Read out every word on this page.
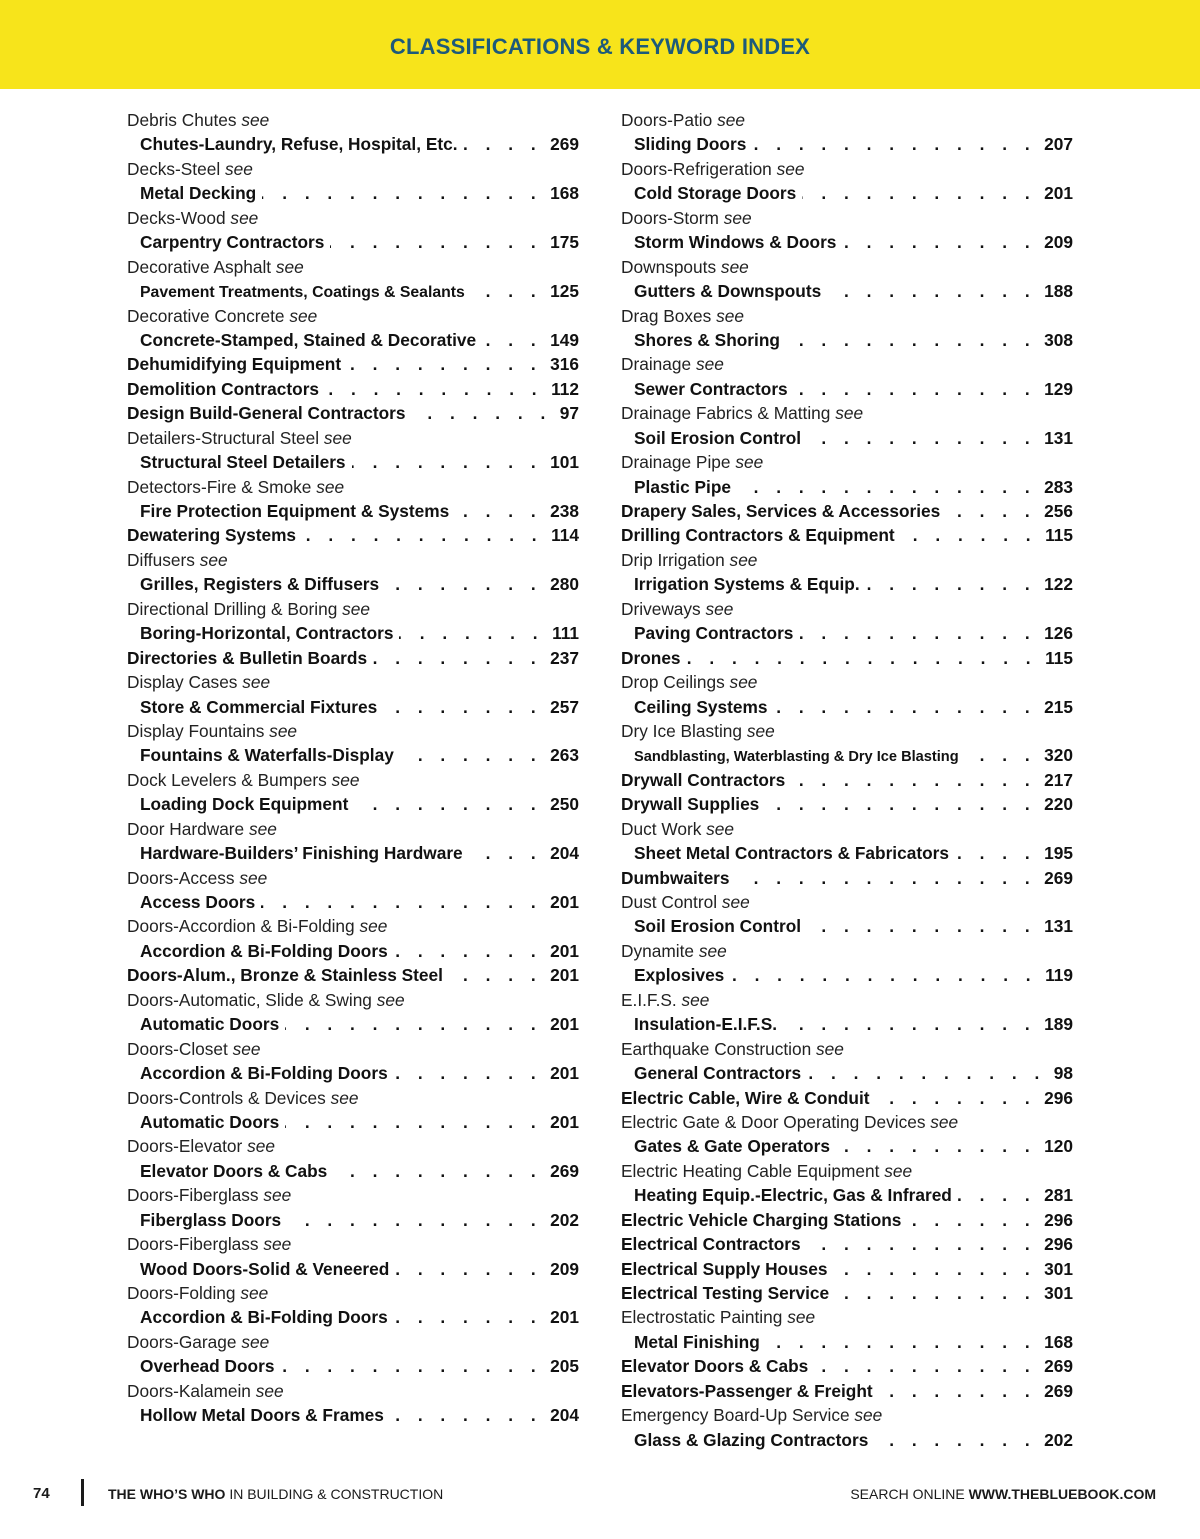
CLASSIFICATIONS & KEYWORD INDEX
Debris Chutes see
Chutes-Laundry, Refuse, Hospital, Etc. . . .	269
Decks-Steel see
Metal Decking . . .	168
Decks-Wood see
Carpentry Contractors . . .	175
Decorative Asphalt see
Pavement Treatments, Coatings & Sealants . . .	125
Decorative Concrete see
Concrete-Stamped, Stained & Decorative . . .	149
Dehumidifying Equipment . . .	316
Demolition Contractors . . .	112
Design Build-General Contractors . . .	97
Detailers-Structural Steel see
Structural Steel Detailers . . .	101
Detectors-Fire & Smoke see
Fire Protection Equipment & Systems . . .	238
Dewatering Systems . . .	114
Diffusers see
Grilles, Registers & Diffusers . . .	280
Directional Drilling & Boring see
Boring-Horizontal, Contractors . . .	111
Directories & Bulletin Boards . . .	237
Display Cases see
Store & Commercial Fixtures . . .	257
Display Fountains see
Fountains & Waterfalls-Display . . .	263
Dock Levelers & Bumpers see
Loading Dock Equipment . . .	250
Door Hardware see
Hardware-Builders’ Finishing Hardware . . .	204
Doors-Access see
Access Doors . . .	201
Doors-Accordion & Bi-Folding see
Accordion & Bi-Folding Doors . . .	201
Doors-Alum., Bronze & Stainless Steel . . .	201
Doors-Automatic, Slide & Swing see
Automatic Doors . . .	201
Doors-Closet see
Accordion & Bi-Folding Doors . . .	201
Doors-Controls & Devices see
Automatic Doors . . .	201
Doors-Elevator see
Elevator Doors & Cabs . . .	269
Doors-Fiberglass see
Fiberglass Doors . . .	202
Doors-Fiberglass see
Wood Doors-Solid & Veneered . . .	209
Doors-Folding see
Accordion & Bi-Folding Doors . . .	201
Doors-Garage see
Overhead Doors . . .	205
Doors-Kalamein see
Hollow Metal Doors & Frames . . .	204
Doors-Patio see
Sliding Doors . . .	207
Doors-Refrigeration see
Cold Storage Doors . . .	201
Doors-Storm see
Storm Windows & Doors . . .	209
Downspouts see
Gutters & Downspouts . . .	188
Drag Boxes see
Shores & Shoring . . .	308
Drainage see
Sewer Contractors . . .	129
Drainage Fabrics & Matting see
Soil Erosion Control . . .	131
Drainage Pipe see
Plastic Pipe . . .	283
Drapery Sales, Services & Accessories . . .	256
Drilling Contractors & Equipment . . .	115
Drip Irrigation see
Irrigation Systems & Equip. . . .	122
Driveways see
Paving Contractors . . .	126
Drones . . .	115
Drop Ceilings see
Ceiling Systems . . .	215
Dry Ice Blasting see
Sandblasting, Waterblasting & Dry Ice Blasting . . .	320
Drywall Contractors . . .	217
Drywall Supplies . . .	220
Duct Work see
Sheet Metal Contractors & Fabricators . . .	195
Dumbwaiters . . .	269
Dust Control see
Soil Erosion Control . . .	131
Dynamite see
Explosives . . .	119
E.I.F.S. see
Insulation-E.I.F.S. . . .	189
Earthquake Construction see
General Contractors . . .	98
Electric Cable, Wire & Conduit . . .	296
Electric Gate & Door Operating Devices see
Gates & Gate Operators . . .	120
Electric Heating Cable Equipment see
Heating Equip.-Electric, Gas & Infrared . . .	281
Electric Vehicle Charging Stations . . .	296
Electrical Contractors . . .	296
Electrical Supply Houses . . .	301
Electrical Testing Service . . .	301
Electrostatic Painting see
Metal Finishing . . .	168
Elevator Doors & Cabs . . .	269
Elevators-Passenger & Freight . . .	269
Emergency Board-Up Service see
Glass & Glazing Contractors . . .	202
74	THE WHO’S WHO IN BUILDING & CONSTRUCTION	SEARCH ONLINE WWW.THEBLUEBOOK.COM
